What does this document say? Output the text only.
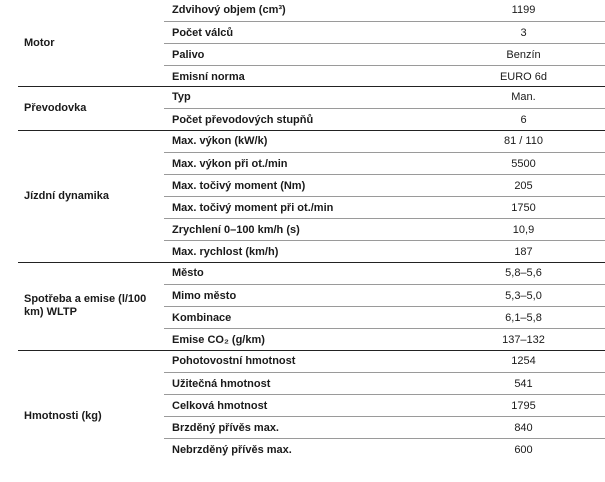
Motor
Zdvihový objem (cm³)	1199
Počet válců	3
Palivo	Benzín
Emisní norma	EURO 6d
Převodovka
Typ	Man.
Počet převodových stupňů	6
Jízdní dynamika
Max. výkon (kW/k)	81 / 110
Max. výkon při ot./min	5500
Max. točivý moment (Nm)	205
Max. točivý moment při ot./min	1750
Zrychlení 0–100 km/h (s)	10,9
Max. rychlost (km/h)	187
Spotřeba a emise (l/100 km) WLTP
Město	5,8–5,6
Mimo město	5,3–5,0
Kombinace	6,1–5,8
Emise CO₂ (g/km)	137–132
Hmotnosti (kg)
Pohotovostní hmotnost	1254
Užitečná hmotnost	541
Celková hmotnost	1795
Brzděný přívěs max.	840
Nebrzděný přívěs max.	600
